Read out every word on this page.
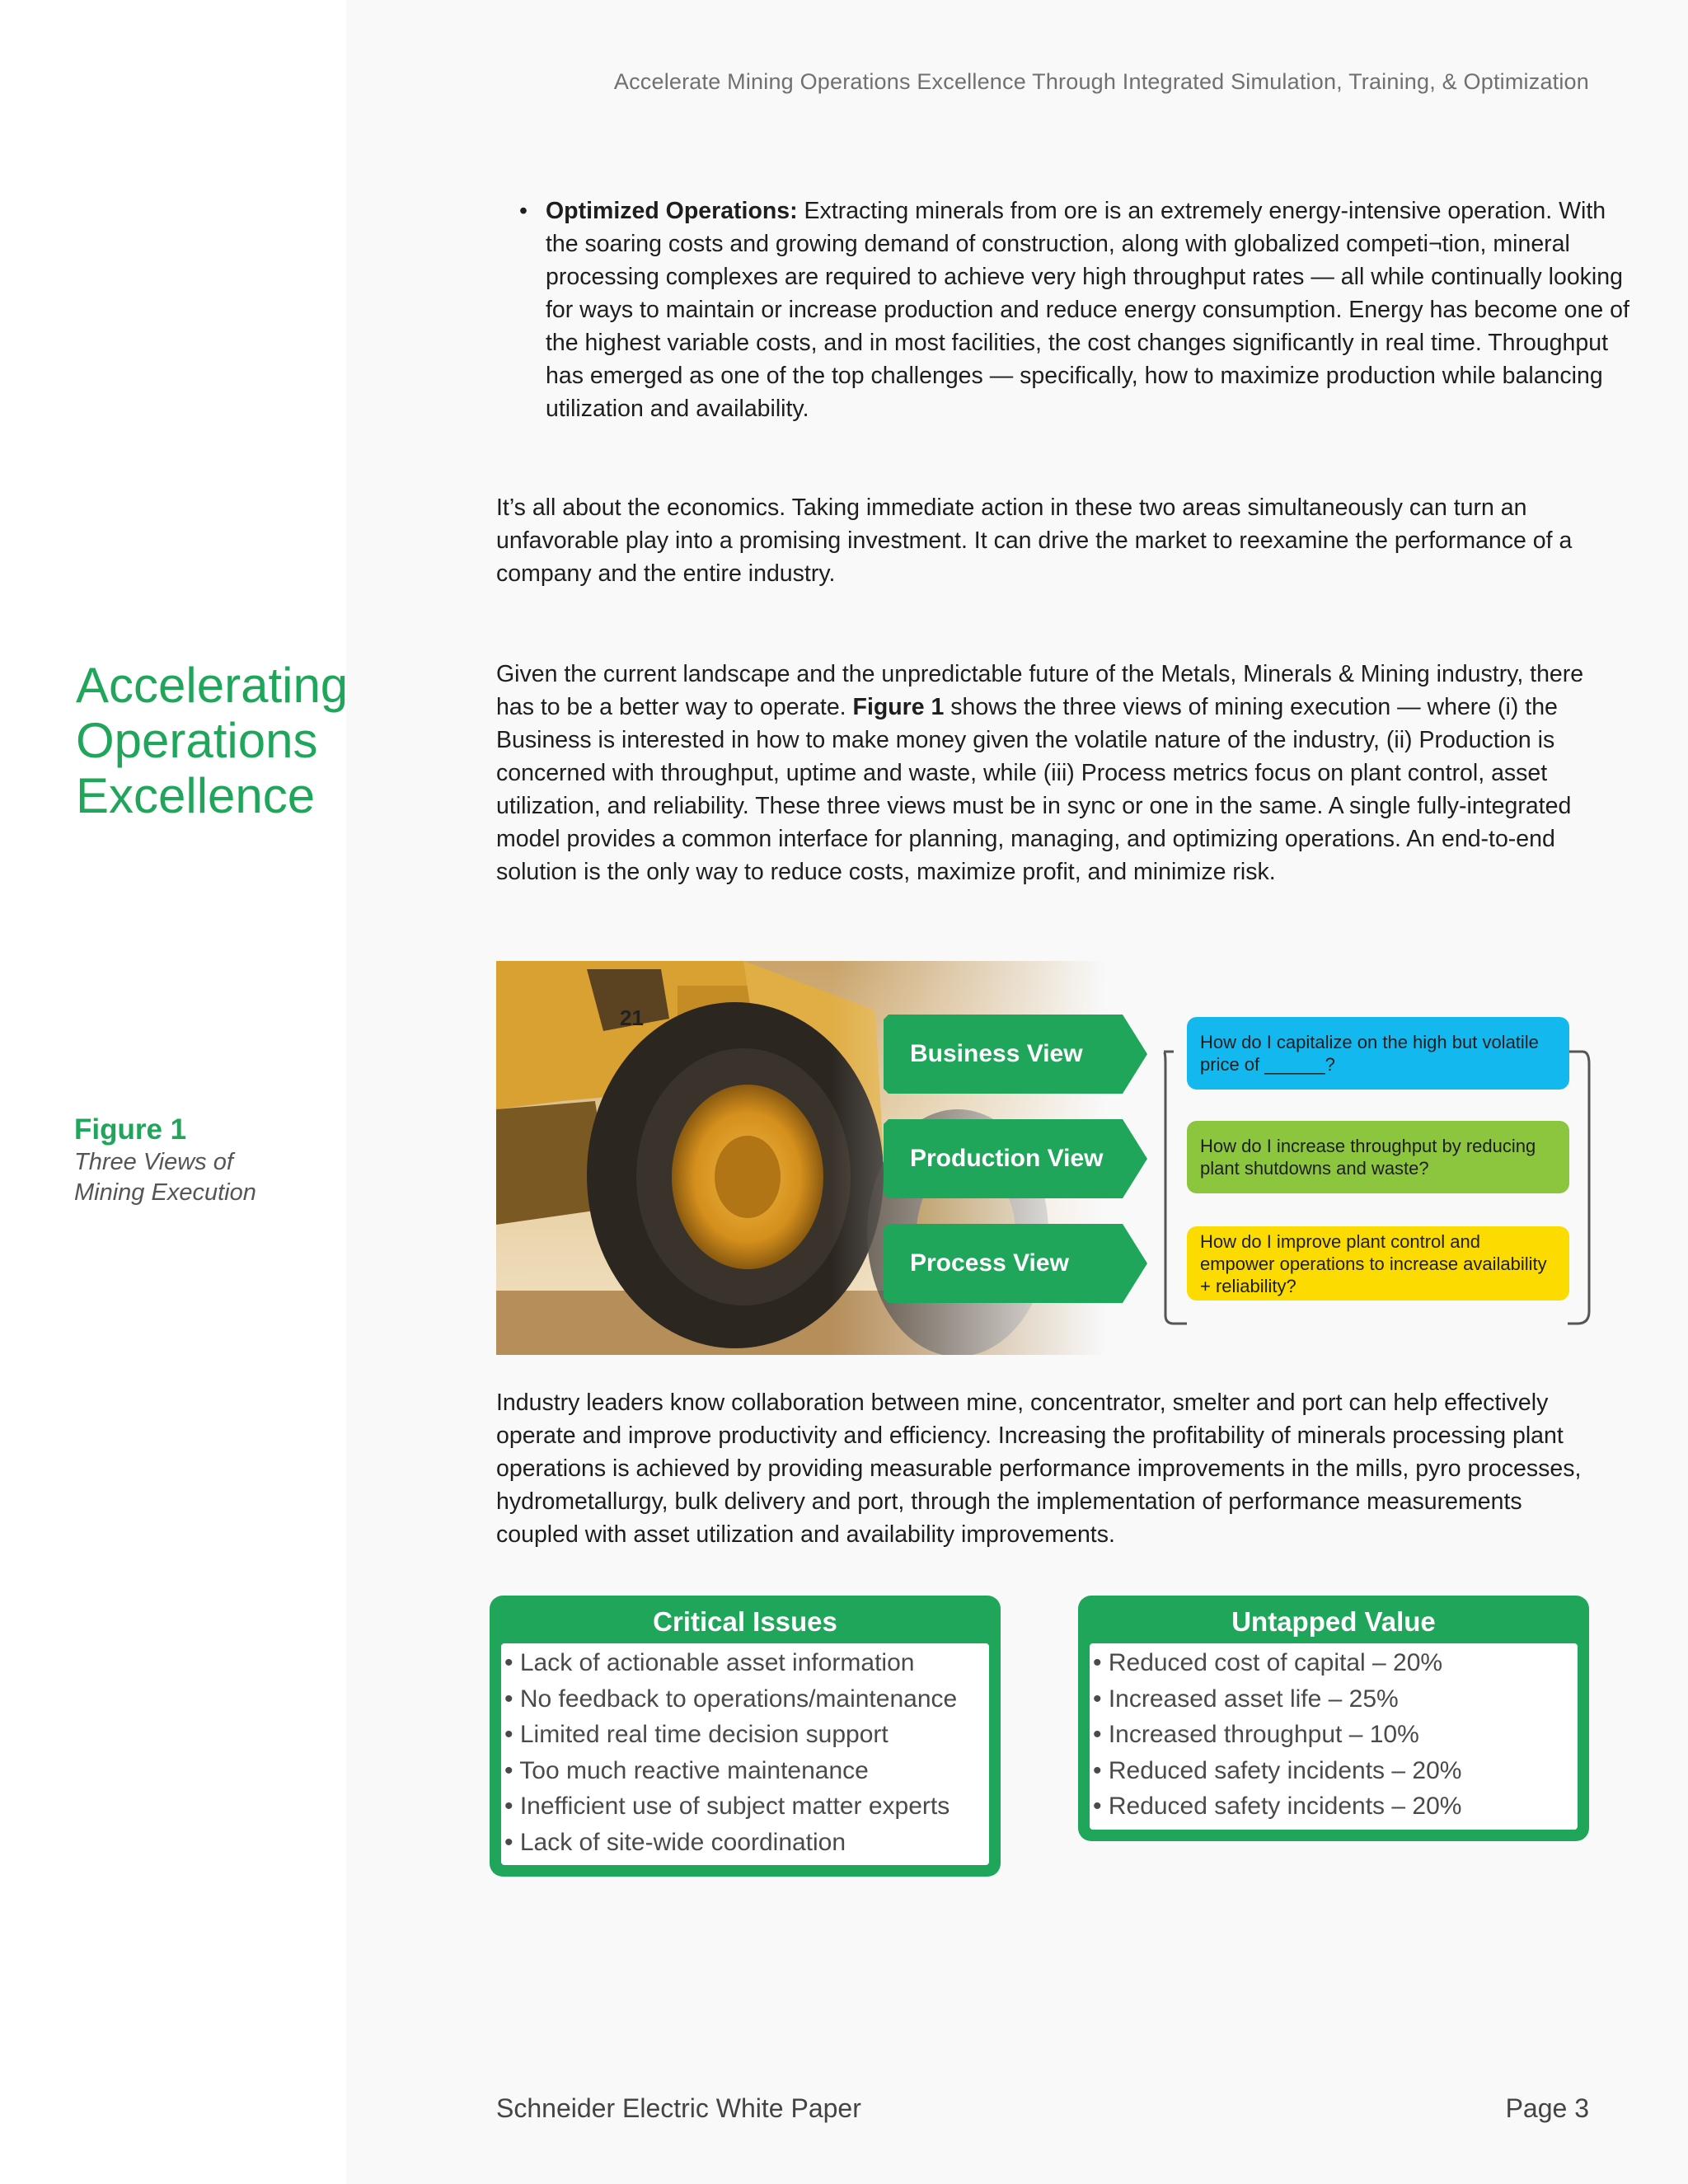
Accelerate Mining Operations Excellence Through Integrated Simulation, Training, & Optimization
• Optimized Operations: Extracting minerals from ore is an extremely energy-intensive operation. With the soaring costs and growing demand of construction, along with globalized competi¬tion, mineral processing complexes are required to achieve very high throughput rates — all while continually looking for ways to maintain or increase production and reduce energy consumption. Energy has become one of the highest variable costs, and in most facilities, the cost changes significantly in real time. Throughput has emerged as one of the top challenges — specifically, how to maximize production while balancing utilization and availability.
It’s all about the economics. Taking immediate action in these two areas simultaneously can turn an unfavorable play into a promising investment. It can drive the market to reexamine the performance of a company and the entire industry.
Given the current landscape and the unpredictable future of the Metals, Minerals & Mining industry, there has to be a better way to operate. Figure 1 shows the three views of mining execution — where (i) the Business is interested in how to make money given the volatile nature of the industry, (ii) Production is concerned with throughput, uptime and waste, while (iii) Process metrics focus on plant control, asset utilization, and reliability. These three views must be in sync or one in the same. A single fully-integrated model provides a common interface for planning, managing, and optimizing operations. An end-to-end solution is the only way to reduce costs, maximize profit, and minimize risk.
Accelerating
Operations
Excellence
Figure 1
Three Views of
Mining Execution
Business View
Production View
Process View
How do I capitalize on the high but volatile price of ______?
How do I increase throughput by reducing plant shutdowns and waste?
How do I improve plant control and empower operations to increase availability + reliability?
Industry leaders know collaboration between mine, concentrator, smelter and port can help effectively operate and improve productivity and efficiency. Increasing the profitability of minerals processing plant operations is achieved by providing measurable performance improvements in the mills, pyro processes, hydrometallurgy, bulk delivery and port, through the implementation of performance measurements coupled with asset utilization and availability improvements.
Critical Issues
• Lack of actionable asset information
• No feedback to operations/maintenance
• Limited real time decision support
• Too much reactive maintenance
• Inefficient use of subject matter experts
• Lack of site-wide coordination
Untapped Value
• Reduced cost of capital – 20%
• Increased asset life – 25%
• Increased throughput – 10%
• Reduced safety incidents – 20%
• Reduced safety incidents – 20%
Schneider Electric White Paper	Page 3
